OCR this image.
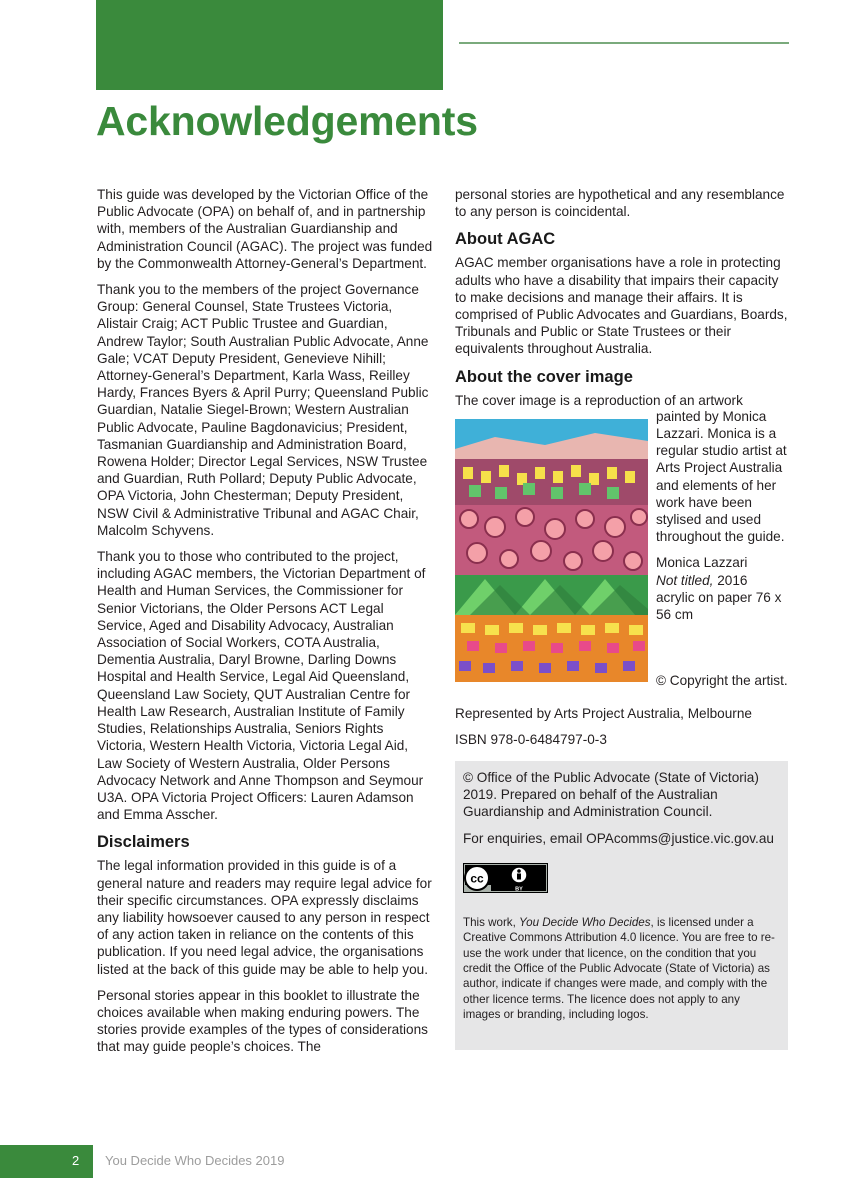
Acknowledgements

This guide was developed by the Victorian Office of the Public Advocate (OPA) on behalf of, and in partnership with, members of the Australian Guardianship and Administration Council (AGAC). The project was funded by the Commonwealth Attorney-General’s Department.

Thank you to the members of the project Governance Group: General Counsel, State Trustees Victoria, Alistair Craig; ACT Public Trustee and Guardian, Andrew Taylor; South Australian Public Advocate, Anne Gale; VCAT Deputy President, Genevieve Nihill; Attorney-General’s Department, Karla Wass, Reilley Hardy, Frances Byers & April Purry; Queensland Public Guardian, Natalie Siegel-Brown; Western Australian Public Advocate, Pauline Bagdonavicius; President, Tasmanian Guardianship and Administration Board, Rowena Holder; Director Legal Services, NSW Trustee and Guardian, Ruth Pollard; Deputy Public Advocate, OPA Victoria, John Chesterman; Deputy President, NSW Civil & Administrative Tribunal and AGAC Chair, Malcolm Schyvens.

Thank you to those who contributed to the project, including AGAC members, the Victorian Department of Health and Human Services, the Commissioner for Senior Victorians, the Older Persons ACT Legal Service, Aged and Disability Advocacy, Australian Association of Social Workers, COTA Australia, Dementia Australia, Daryl Browne, Darling Downs Hospital and Health Service, Legal Aid Queensland, Queensland Law Society, QUT Australian Centre for Health Law Research, Australian Institute of Family Studies, Relationships Australia, Seniors Rights Victoria, Western Health Victoria, Victoria Legal Aid, Law Society of Western Australia, Older Persons Advocacy Network and Anne Thompson and Seymour U3A. OPA Victoria Project Officers: Lauren Adamson and Emma Asscher.

Disclaimers

The legal information provided in this guide is of a general nature and readers may require legal advice for their specific circumstances. OPA expressly disclaims any liability howsoever caused to any person in respect of any action taken in reliance on the contents of this publication. If you need legal advice, the organisations listed at the back of this guide may be able to help you.

Personal stories appear in this booklet to illustrate the choices available when making enduring powers. The stories provide examples of the types of considerations that may guide people’s choices. The

personal stories are hypothetical and any resemblance to any person is coincidental.

About AGAC

AGAC member organisations have a role in protecting adults who have a disability that impairs their capacity to make decisions and manage their affairs. It is comprised of Public Advocates and Guardians, Boards, Tribunals and Public or State Trustees or their equivalents throughout Australia.

About the cover image
The cover image is a reproduction of an artwork

painted by Monica Lazzari. Monica is a regular studio artist at Arts Project Australia and elements of her work have been stylised and used throughout the guide.

Monica Lazzari
Not titled, 2016
acrylic on paper 76 x 56 cm
© Copyright the artist.

Represented by Arts Project Australia, Melbourne

ISBN 978-0-6484797-0-3

© Office of the Public Advocate (State of Victoria) 2019. Prepared on behalf of the Australian Guardianship and Administration Council.

For enquiries, email OPAcomms@justice.vic.gov.au

cc
BY
This work, You Decide Who Decides, is licensed under a Creative Commons Attribution 4.0 licence. You are free to re-use the work under that licence, on the condition that you credit the Office of the Public Advocate (State of Victoria) as author, indicate if changes were made, and comply with the other licence terms. The licence does not apply to any images or branding, including logos.
2 You Decide Who Decides 2019
